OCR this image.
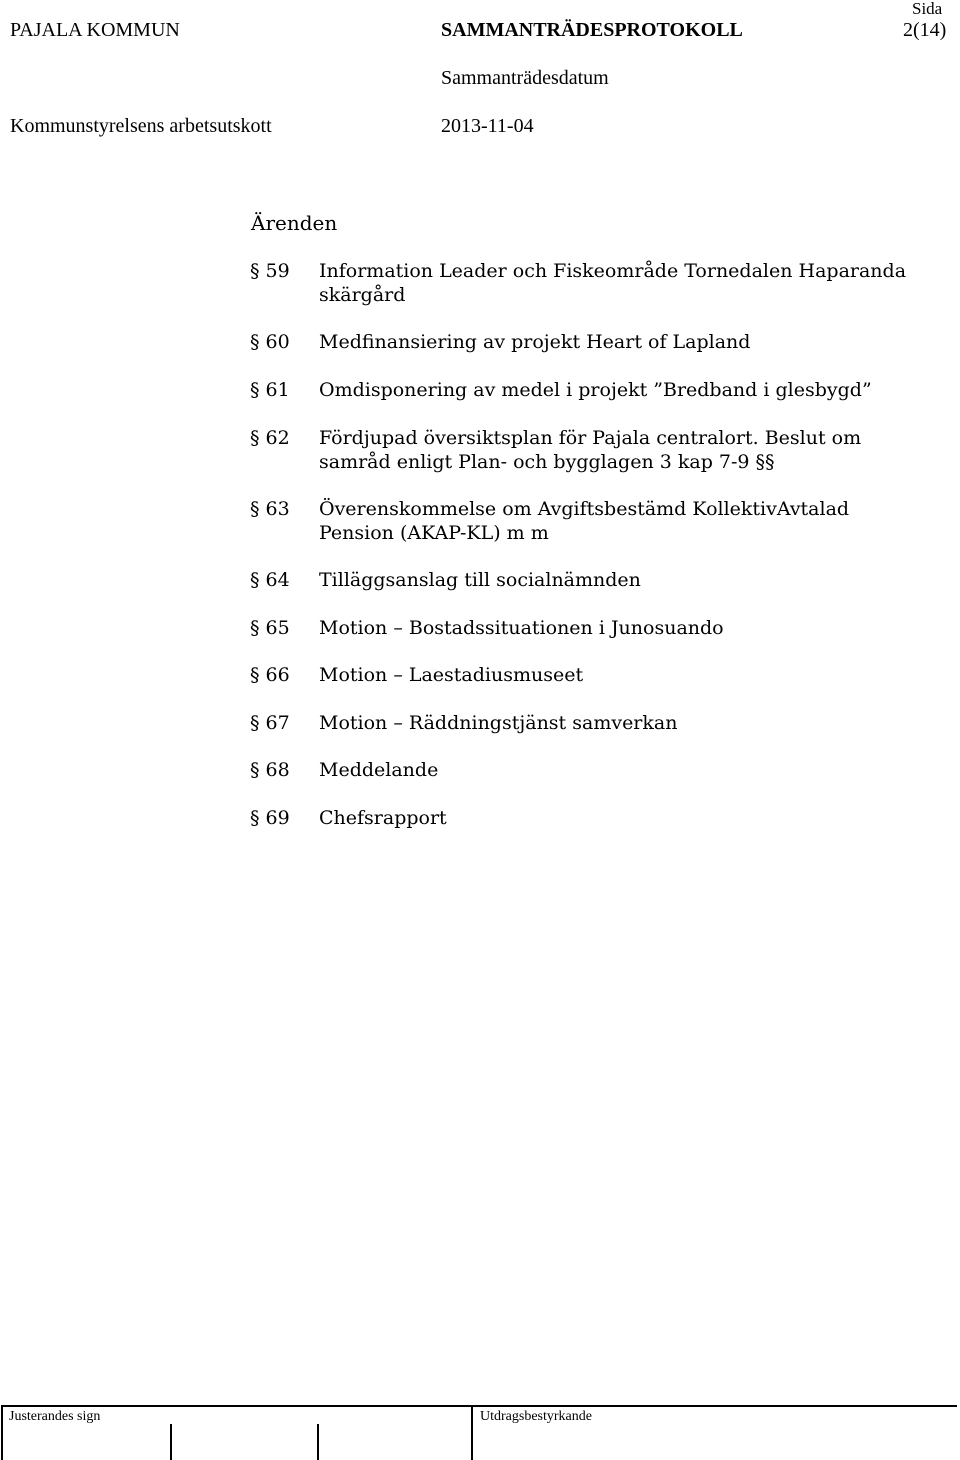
PAJALA KOMMUN	SAMMANTRÄDESPROTOKOLL
Sida
2(14)
Sammanträdesdatum
Kommunstyrelsens arbetsutskott	2013-11-04
Ärenden
§ 59	Information Leader och Fiskeområde Tornedalen Haparanda skärgård
§ 60	Medfinansiering av projekt Heart of Lapland
§ 61	Omdisponering av medel i projekt ”Bredband i glesbygd”
§ 62	Fördjupad översiktsplan för Pajala centralort. Beslut om samråd enligt Plan- och bygglagen 3 kap 7-9 §§
§ 63	Överenskommelse om Avgiftsbestämd KollektivAvtalad Pension (AKAP-KL) m m
§ 64	Tilläggsanslag till socialnämnden
§ 65	Motion – Bostadssituationen i Junosuando
§ 66	Motion – Laestadiusmuseet
§ 67	Motion – Räddningstjänst samverkan
§ 68	Meddelande
§ 69	Chefsrapport
Justerandes sign	Utdragsbestyrkande
